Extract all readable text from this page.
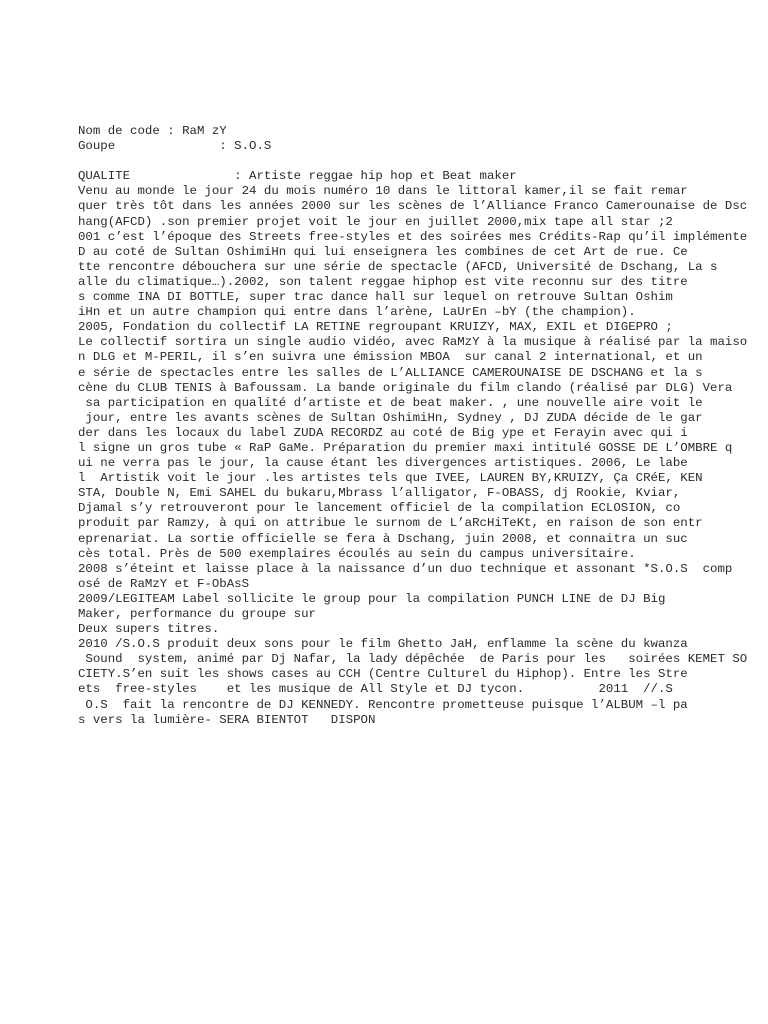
Nom de code : RaM zY
Goupe              : S.O.S
QUALITE              : Artiste reggae hip hop et Beat maker
Venu au monde le jour 24 du mois numéro 10 dans le littoral kamer,il se fait remar
quer très tôt dans les années 2000 sur les scènes de l’Alliance Franco Camerounaise de Dsc
hang(AFCD) .son premier projet voit le jour en juillet 2000,mix tape all star ;2
001 c’est l’époque des Streets free-styles et des soirées mes Crédits-Rap qu’il implémente
D au coté de Sultan OshimiHn qui lui enseignera les combines de cet Art de rue. Ce
tte rencontre débouchera sur une série de spectacle (AFCD, Université de Dschang, La s
alle du climatique…).2002, son talent reggae hiphop est vite reconnu sur des titre
s comme INA DI BOTTLE, super trac dance hall sur lequel on retrouve Sultan Oshim
iHn et un autre champion qui entre dans l’arène, LaUrEn –bY (the champion).
2005, Fondation du collectif LA RETINE regroupant KRUIZY, MAX, EXIL et DIGEPRO ;
Le collectif sortira un single audio vidéo, avec RaMzY à la musique à réalisé par la maiso
n DLG et M-PERIL, il s’en suivra une émission MBOA  sur canal 2 international, et un
e série de spectacles entre les salles de L’ALLIANCE CAMEROUNAISE DE DSCHANG et la s
cène du CLUB TENIS à Bafoussam. La bande originale du film clando (réalisé par DLG) Vera
sa participation en qualité d’artiste et de beat maker. , une nouvelle aire voit le
jour, entre les avants scènes de Sultan OshimiHn, Sydney , DJ ZUDA décide de le gar
der dans les locaux du label ZUDA RECORDZ au coté de Big ype et Ferayin avec qui i
l signe un gros tube « RaP GaMe. Préparation du premier maxi intitulé GOSSE DE L’OMBRE q
ui ne verra pas le jour, la cause étant les divergences artistiques. 2006, Le labe
l  Artistik voit le jour .les artistes tels que IVEE, LAUREN BY,KRUIZY, Ça CRéE, KEN
STA, Double N, Emi SAHEL du bukaru,Mbrass l’alligator, F-OBASS, dj Rookie, Kviar,
Djamal s’y retrouveront pour le lancement officiel de la compilation ECLOSION, co
produit par Ramzy, à qui on attribue le surnom de L’aRcHiTeKt, en raison de son entr
eprenariat. La sortie officielle se fera à Dschang, juin 2008, et connaitra un suc
cès total. Près de 500 exemplaires écoulés au sein du campus universitaire.
2008 s’éteint et laisse place à la naissance d’un duo technique et assonant *S.O.S  comp
osé de RaMzY et F-ObAsS
2009/LEGITEAM Label sollicite le group pour la compilation PUNCH LINE de DJ Big
Maker, performance du groupe sur
Deux supers titres.
2010 /S.O.S produit deux sons pour le film Ghetto JaH, enflamme la scène du kwanza
Sound  system, animé par Dj Nafar, la lady dépêchée  de Paris pour les   soirées KEMET SO
CIETY.S’en suit les shows cases au CCH (Centre Culturel du Hiphop). Entre les Stre
ets  free-styles    et les musique de All Style et DJ tycon.          2011  //.S
O.S  fait la rencontre de DJ KENNEDY. Rencontre prometteuse puisque l’ALBUM –l pa
s vers la lumière- SERA BIENTOT   DISPON
